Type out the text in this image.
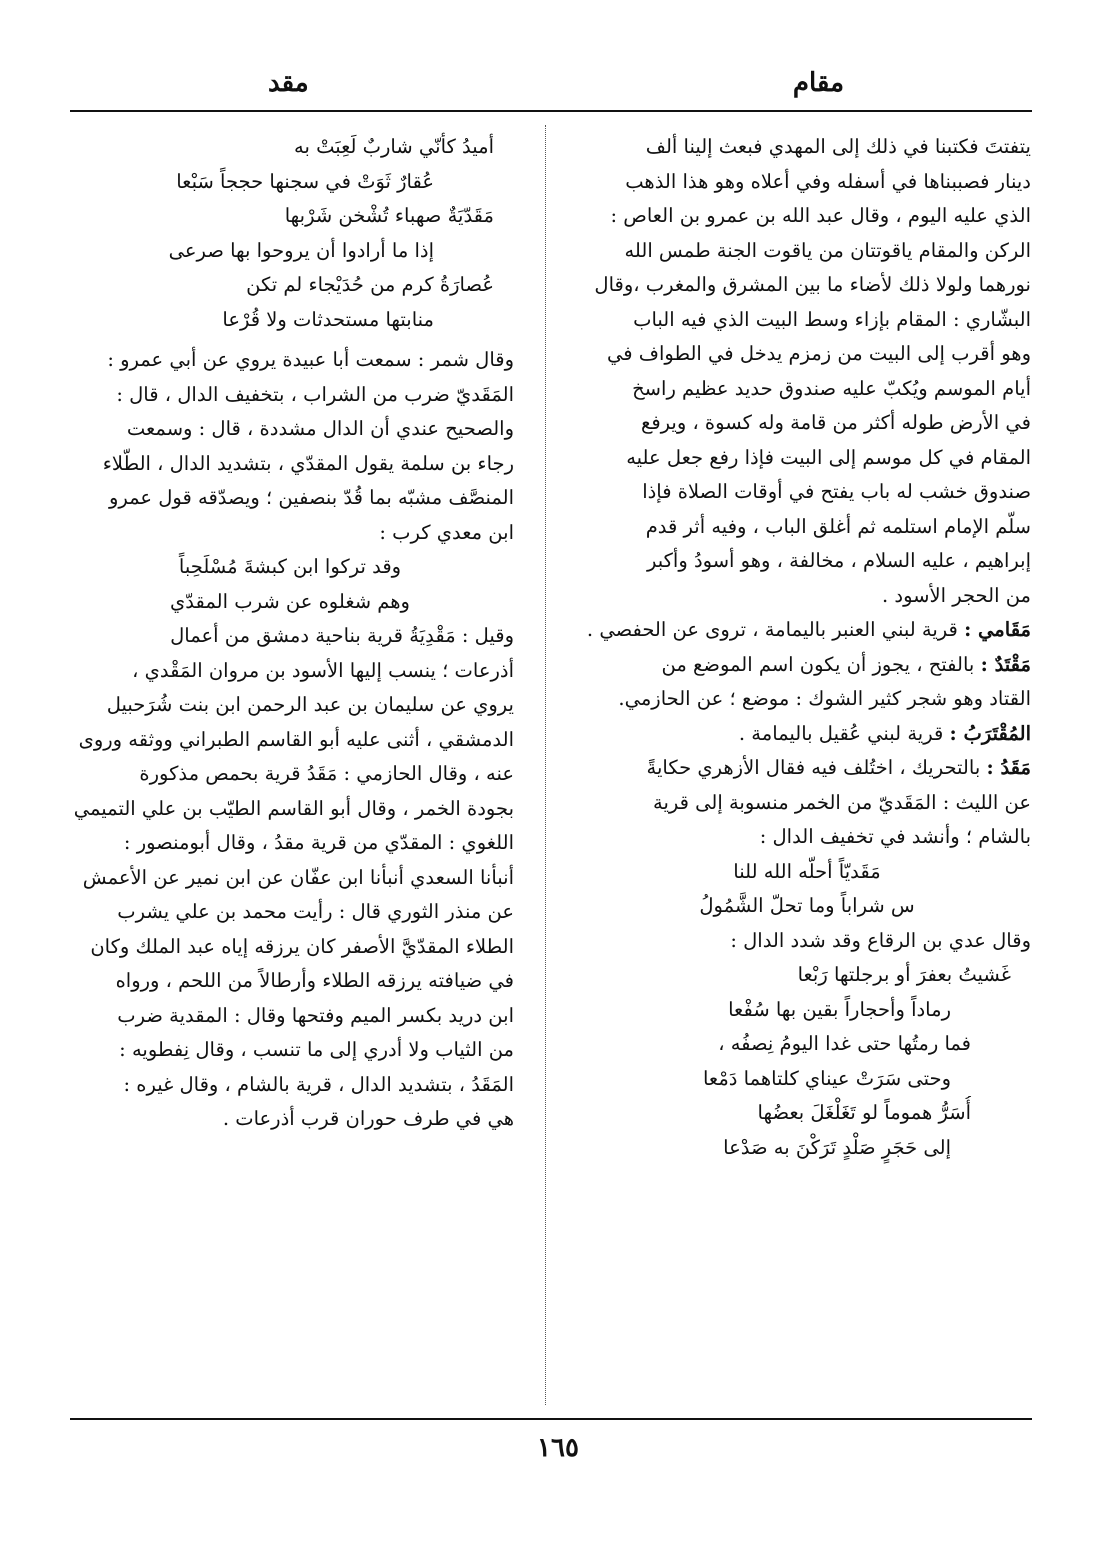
مقام
مقد
يتفتتَ فكتبنا في ذلك إلى المهدي فبعث إلينا ألف
دينار فصببناها في أسفله وفي أعلاه وهو هذا الذهب
الذي عليه اليوم ، وقال عبد الله بن عمرو بن العاص :
الركن والمقام ياقوتتان من ياقوت الجنة طمس الله
نورهما ولولا ذلك لأضاء ما بين المشرق والمغرب ،وقال
البشّاري : المقام بإزاء وسط البيت الذي فيه الباب
وهو أقرب إلى البيت من زمزم يدخل في الطواف في
أيام الموسم ويُكبّ عليه صندوق حديد عظيم راسخ
في الأرض طوله أكثر من قامة وله كسوة ، ويرفع
المقام في كل موسم إلى البيت فإذا رفع جعل عليه
صندوق خشب له باب يفتح في أوقات الصلاة فإذا
سلّم الإمام استلمه ثم أغلق الباب ، وفيه أثر قدم
إبراهيم ، عليه السلام ، مخالفة ، وهو أسودُ وأكبر
من الحجر الأسود .
مَقَامي : قرية لبني العنبر باليمامة ، تروى عن الحفصي .
مَقْتَدٌ : بالفتح ، يجوز أن يكون اسم الموضع من
القتاد وهو شجر كثير الشوك : موضع ؛ عن الحازمي.
المُقْتَرَبُ : قرية لبني عُقيل باليمامة .
مَقَدُ : بالتحريك ، اختُلف فيه فقال الأزهري حكايةً
عن الليث : المَقَديّ من الخمر منسوبة إلى قرية
بالشام ؛ وأنشد في تخفيف الدال :
مَقَديّاً أحلّه الله للنا
س شراباً وما تحلّ الشَّمُولُ
وقال عدي بن الرقاع وقد شدد الدال :
غَشيتُ بعفرَ أو برجلتها رَبْعا
رماداً وأحجاراً بقين بها سُفْعا
فما رمتُها حتى غدا اليومُ نِصفُه ،
وحتى سَرَتْ عيناي كلتاهما دَمْعا
أُسَرُّ هموماً لو تَغَلْغَلَ بعضُها
إلى حَجَرٍ صَلْدٍ تَرَكْنَ به صَدْعا
أميدُ كأنّي شاربٌ لَعِبَتْ به
عُقارٌ ثَوَتْ في سجنها حججاً سَبْعا
مَقَدّيَةٌ صهباء تُشْخن شَرْبها
إذا ما أرادوا أن يروحوا بها صرعى
عُصارَةُ كرم من حُدَيْجاء لم تكن
منابتها مستحدثات ولا قُرْعا
وقال شمر : سمعت أبا عبيدة يروي عن أبي عمرو :
المَقَديّ ضرب من الشراب ، بتخفيف الدال ، قال :
والصحيح عندي أن الدال مشددة ، قال : وسمعت
رجاء بن سلمة يقول المقدّي ، بتشديد الدال ، الطّلاء
المنصَّف مشبّه بما قُدّ بنصفين ؛ ويصدّقه قول عمرو
ابن معدي كرب :
وقد تركوا ابن كبشةَ مُسْلَحِباً
وهم شغلوه عن شرب المقدّي
وقيل : مَقْدِيَةُ قرية بناحية دمشق من أعمال
أذرعات ؛ ينسب إليها الأسود بن مروان المَقْدي ،
يروي عن سليمان بن عبد الرحمن ابن بنت شُرَحبيل
الدمشقي ، أثنى عليه أبو القاسم الطبراني ووثقه وروى
عنه ، وقال الحازمي : مَقَدُ قرية بحمص مذكورة
بجودة الخمر ، وقال أبو القاسم الطيّب بن علي التميمي
اللغوي : المقدّي من قرية مقدُ ، وقال أبومنصور :
أنبأنا السعدي أنبأنا ابن عفّان عن ابن نمير عن الأعمش
عن منذر الثوري قال : رأيت محمد بن علي يشرب
الطلاء المقدّيَّ الأصفر كان يرزقه إياه عبد الملك وكان
في ضيافته يرزقه الطلاء وأرطالاً من اللحم ، ورواه
ابن دريد بكسر الميم وفتحها وقال : المقدية ضرب
من الثياب ولا أدري إلى ما تنسب ، وقال نِفطويه :
المَقَدُ ، بتشديد الدال ، قرية بالشام ، وقال غيره :
هي في طرف حوران قرب أذرعات .
١٦٥
